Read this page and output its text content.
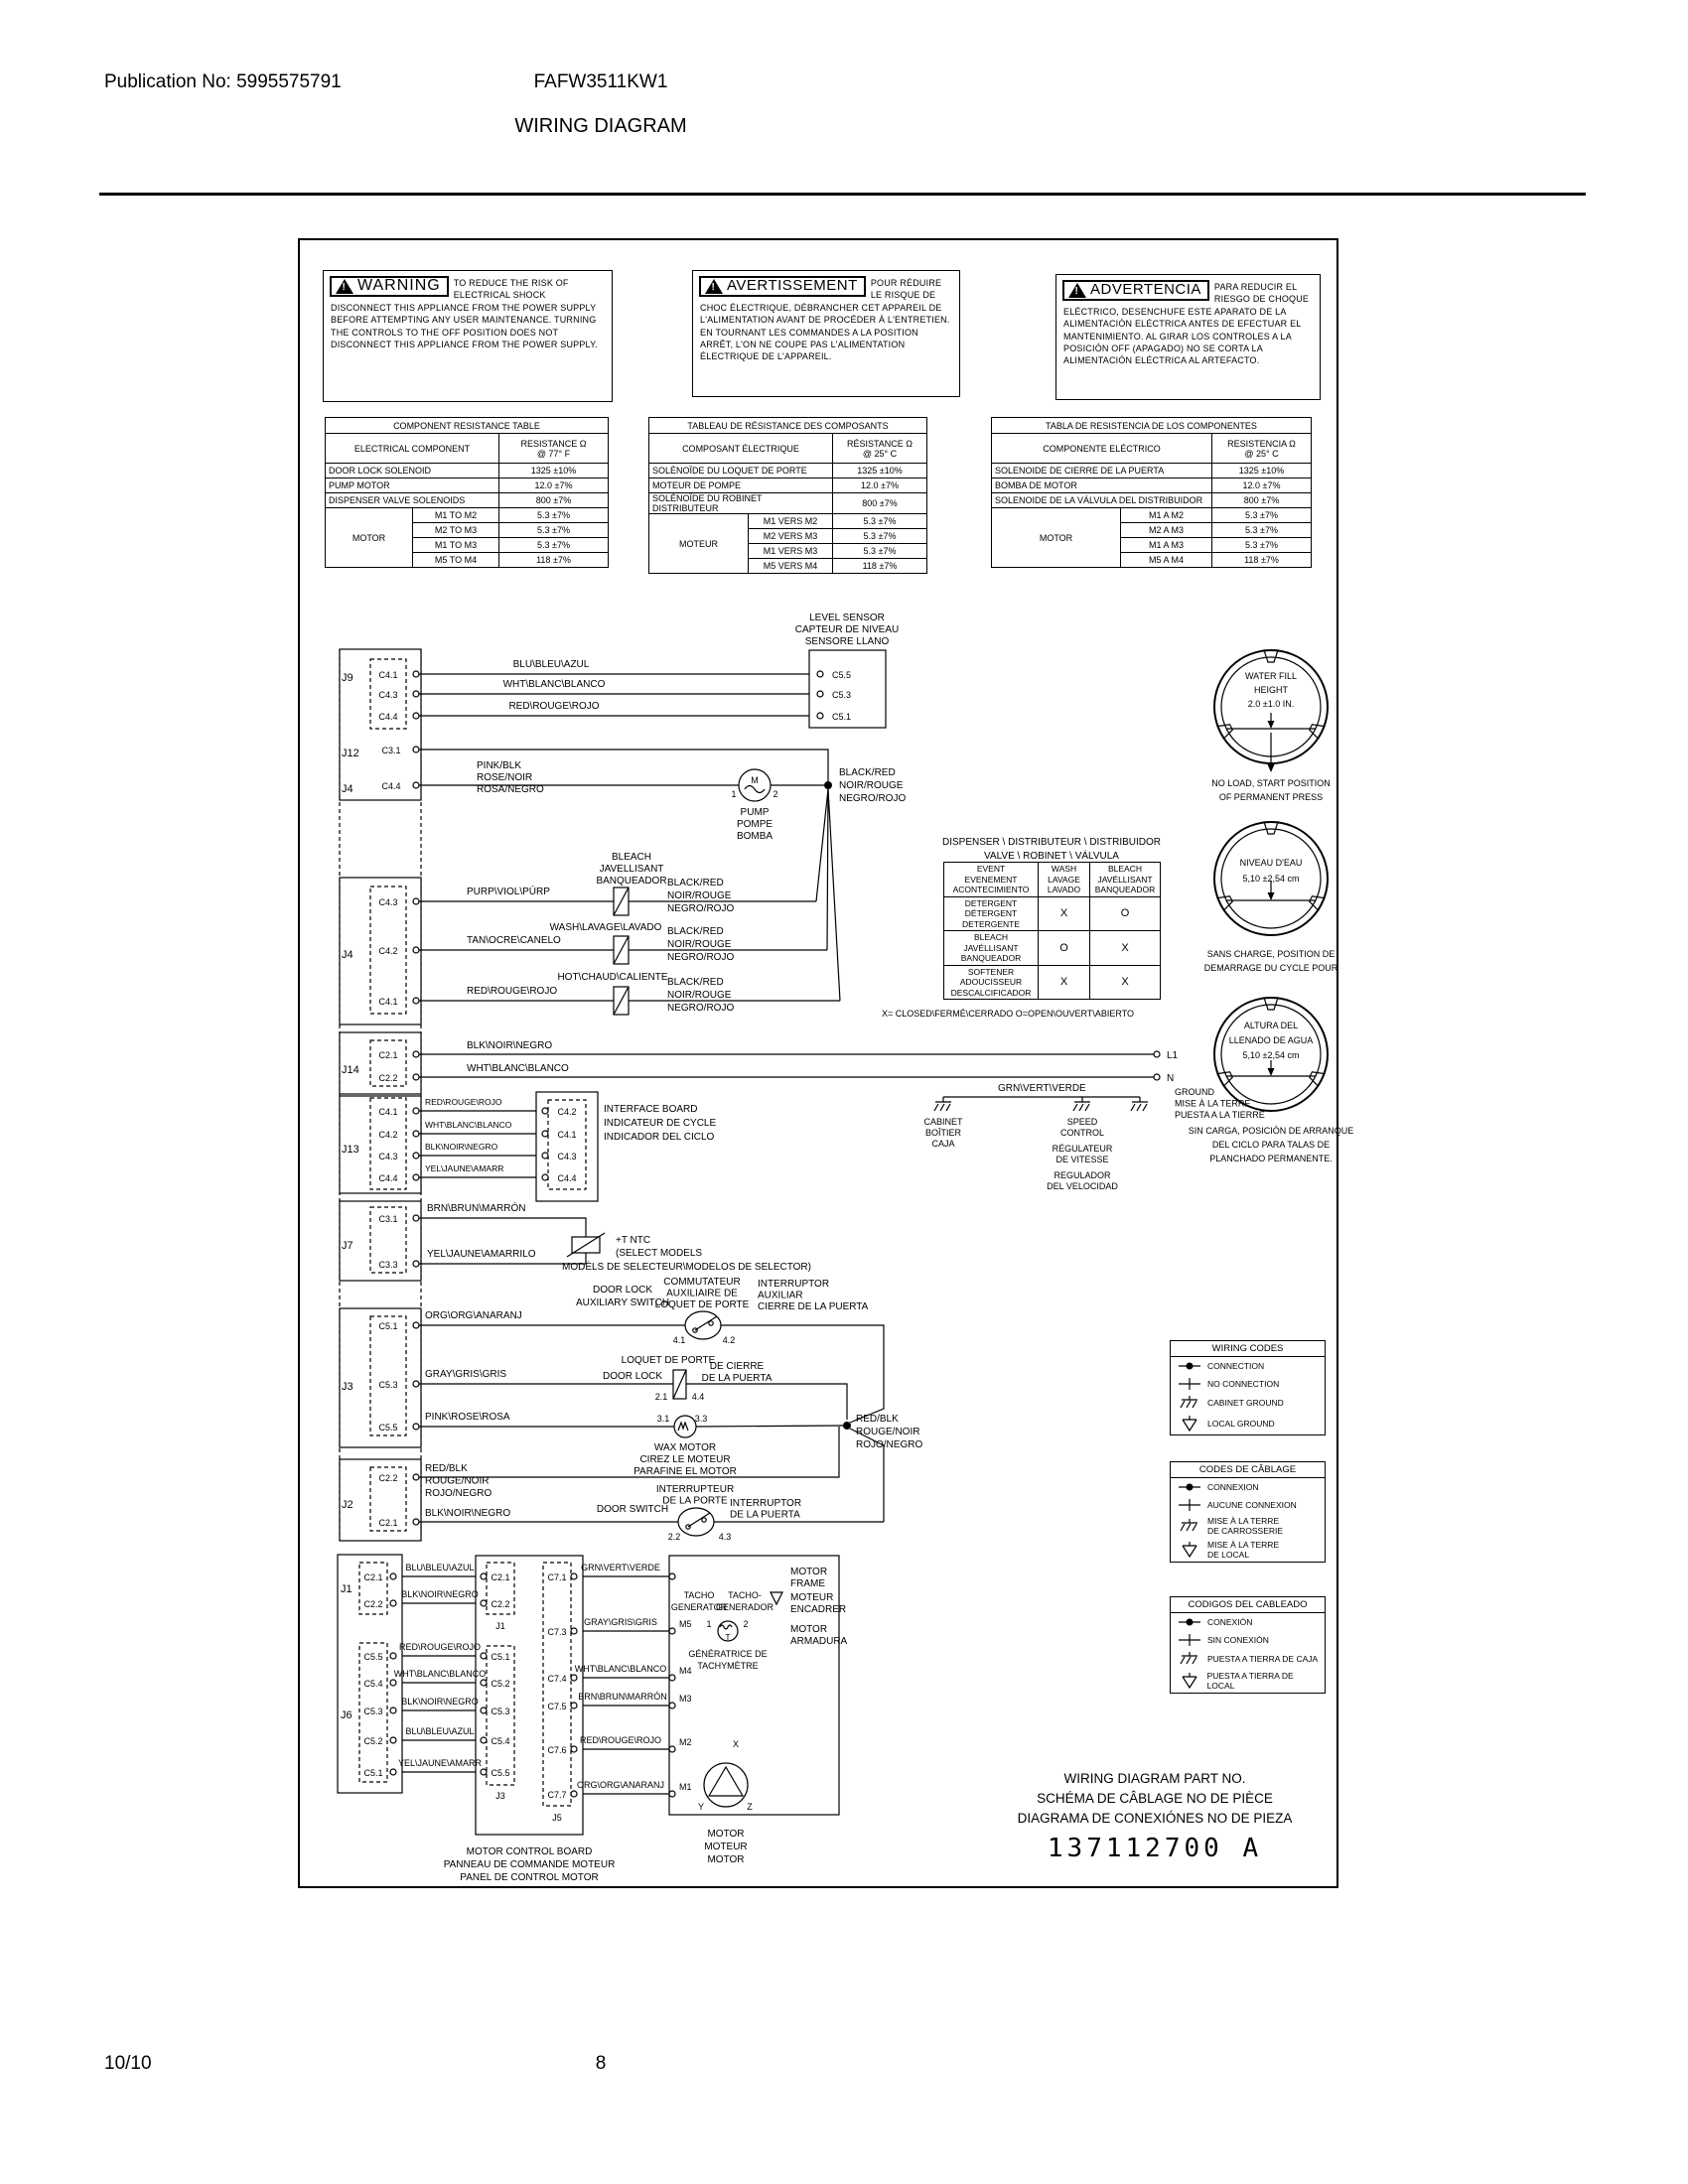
Publication No: 5995575791	FAFW3511KW1
WIRING DIAGRAM
10/10	8
!
WARNING TO REDUCE THE RISK OF ELECTRICAL SHOCK DISCONNECT THIS APPLIANCE FROM THE POWER SUPPLY BEFORE ATTEMPTING ANY USER MAINTENANCE. TURNING THE CONTROLS TO THE OFF POSITION DOES NOT DISCONNECT THIS APPLIANCE FROM THE POWER SUPPLY.
!
AVERTISSEMENT POUR RÉDUIRE LE RISQUE DE CHOC ÉLECTRIQUE, DÉBRANCHER CET APPAREIL DE L'ALIMENTATION AVANT DE PROCÉDER À L'ENTRETIEN. EN TOURNANT LES COMMANDES A LA POSITION ARRÊT, L'ON NE COUPE PAS L'ALIMENTATION ÉLECTRIQUE DE L'APPAREIL.
!
ADVERTENCIA PARA REDUCIR EL RIESGO DE CHOQUE ELÉCTRICO, DESENCHUFE ESTE APARATO DE LA ALIMENTACIÓN ELÉCTRICA ANTES DE EFECTUAR EL MANTENIMIENTO. AL GIRAR LOS CONTROLES A LA POSICIÓN OFF (APAGADO) NO SE CORTA LA ALIMENTACIÓN ELÉCTRICA AL ARTEFACTO.
COMPONENT RESISTANCE TABLE		
ELECTRICAL COMPONENT		RESISTANCE Ω
@ 77° F
DOOR LOCK SOLENOID		1325 ±10%
PUMP MOTOR		12.0 ±7%
DISPENSER VALVE SOLENOIDS		800 ±7%
MOTOR	M1 TO M2	5.3 ±7%
	M2 TO M3	5.3 ±7%
	M1 TO M3	5.3 ±7%
	M5 TO M4	118 ±7%
TABLEAU DE RÉSISTANCE DES COMPOSANTS		
COMPOSANT ÉLECTRIQUE		RÉSISTANCE Ω
@ 25° C
SOLÉNOÏDE DU LOQUET DE PORTE		1325 ±10%
MOTEUR DE POMPE		12.0 ±7%
SOLÉNOÏDE DU ROBINET DISTRIBUTEUR		800 ±7%
MOTEUR	M1 VERS M2	5.3 ±7%
	M2 VERS M3	5.3 ±7%
	M1 VERS M3	5.3 ±7%
	M5 VERS M4	118 ±7%
TABLA DE RESISTENCIA DE LOS COMPONENTES		
COMPONENTE ELÉCTRICO		RESISTENCIA Ω
@ 25° C
SOLENOIDE DE CIERRE DE LA PUERTA		1325 ±10%
BOMBA DE MOTOR		12.0 ±7%
SOLENOIDE DE LA VÁLVULA DEL DISTRIBUIDOR		800 ±7%
MOTOR	M1 A M2	5.3 ±7%
	M2 A M3	5.3 ±7%
	M1 A M3	5.3 ±7%
	M5 A M4	118 ±7%
EVENT
EVENEMENT
ACONTECIMIENTO	WASH
LAVAGE
LAVADO	BLEACH
JAVÉLLISANT
BANQUEADOR
DETERGENT
DÉTERGENT
DETERGENTE	X	O
BLEACH
JAVÉLLISANT
BANQUEADOR	O	X
SOFTENER
ADOUCISSEUR
DESCALCIFICADOR	X	X
WIRING CODES
CONNECTION
NO CONNECTION
CABINET GROUND
LOCAL GROUND
CODES DE CÂBLAGE
CONNEXION
AUCUNE CONNEXION
MISE À LA TERRE
DE CARROSSERIE
MISE À LA TERRE
DE LOCAL
CODIGOS DEL CABLEADO
CONEXIÓN
SIN CONEXIÓN
PUESTA A TIERRA DE CAJA
PUESTA A TIERRA DE LOCAL
WIRING DIAGRAM PART NO.
SCHÉMA DE CÂBLAGE NO DE PIÈCE
DIAGRAMA DE CONEXIÓNES NO DE PIEZA
137112700 A
J9
J12
J4
J4
J14
J13
J7
J3
J2
J1
J6
C4.1
C4.3
C4.4
C3.1
C4.4
C4.3
C4.2
C4.1
C2.1
C2.2
C4.1
C4.2
C4.3
C4.4
C3.1
C3.3
C5.1
C5.3
C5.5
C2.2
C2.1
C2.1
C2.2
C5.5
C5.4
C5.3
C5.2
C5.1
C2.1
C2.2
J1
C5.1
C5.2
C5.3
C5.4
C5.5
J3
C7.1
C7.3
C7.4
C7.5
C7.6
C7.7
J5
MOTOR CONTROL BOARD PANNEAU DE COMMANDE MOTEUR PANEL DE CONTROL MOTOR
LEVEL SENSOR CAPTEUR DE NIVEAU SENSORE LLANO
C5.5
C5.3
C5.1
BLU\BLEU\AZUL
WHT\BLANC\BLANCO
RED\ROUGE\ROJO
PINK/BLK ROSE/NOIR ROSA/NEGRO
PUMP POMPE BOMBA
M
1	2
BLACK/RED NOIR/ROUGE NEGRO/ROJO
PURP\VIOL\PÚRP
TAN\OCRE\CANELO
RED\ROUGE\ROJO
BLEACH JAVELLISANT BANQUEADOR
WASH\LAVAGE\LAVADO
HOT\CHAUD\CALIENTE
BLACK/RED NOIR/ROUGE NEGRO/ROJO
BLACK/RED NOIR/ROUGE NEGRO/ROJO
BLACK/RED NOIR/ROUGE NEGRO/ROJO
DISPENSER \ DISTRIBUTEUR \ DISTRIBUIDOR
VALVE \ ROBINET \ VÁLVULA
X= CLOSED\FERMÉ\CERRADO O=OPEN\OUVERT\ABIERTO
BLK\NOIR\NEGRO
WHT\BLANC\BLANCO
L1
N
GRN\VERT\VERDE
CABINET BOÎTIER CAJA
SPEED CONTROL
RÉGULATEUR DE VITESSE
REGULADOR DEL VELOCIDAD
GROUND MISE À LA TERRE PUESTA A LA TIERRE
RED\ROUGE\ROJO
WHT\BLANC\BLANCO
BLK\NOIR\NEGRO
YEL\JAUNE\AMARR
C4.2
C4.1
C4.3
C4.4
INTERFACE BOARD INDICATEUR DE CYCLE INDICADOR DEL CICLO
BRN\BRUN\MARRÓN
YEL\JAUNE\AMARRILO
+T NTC
(SELECT MODELS
MODÈLS DE SELECTEUR\MODELOS DE SELECTOR)
ORG\ORG\ANARANJ
DOOR LOCK AUXILIARY SWITCH
COMMUTATEUR AUXILIAIRE DE LOQUET DE PORTE
INTERRUPTOR AUXILIAR CIERRE DE LA PUERTA
4.1	4.2
GRAY\GRIS\GRIS
LOQUET DE PORTE
DOOR LOCK
DE CIERRE DE LA PUERTA
2.1	4.4
PINK\ROSE\ROSA	3.1	3.3
WAX MOTOR CIREZ LE MOTEUR PARAFINE EL MOTOR
RED/BLK ROUGE/NOIR ROJO/NEGRO
RED/BLK ROUGE/NOIR ROJO/NEGRO
BLK\NOIR\NEGRO	DOOR SWITCH
INTERRUPTEUR DE LA PORTE INTERRUPTOR DE LA PUERTA
2.2	4.3
BLU\BLEU\AZUL
BLK\NOIR\NEGRO
RED\ROUGE\ROJO
WHT\BLANC\BLANCO
BLK\NOIR\NEGRO
BLU\BLEU\AZUL
YEL\JAUNE\AMARR
GRN\VERT\VERDE
GRAY\GRIS\GRIS
WHT\BLANC\BLANCO
BRN\BRUN\MARRÓN
RED\ROUGE\ROJO
ORG\ORG\ANARANJ
M5
M4
M3
M2
M1
TACHO GENERATOR
TACHO-GENERADOR
GÉNÉRATRICE DE TACHYMÈTRE
1	2
T
MOTOR FRAME
MOTEUR ENCADRER
MOTOR ARMADURA
MOTOR MOTEUR MOTOR
X
Y	Z
WATER FILL HEIGHT 2.0 ±1.0 IN.
NO LOAD, START POSITION OF PERMANENT PRESS
NIVEAU D'EAU 5,10 ±2,54 cm
SANS CHARGE, POSITION DE DEMARRAGE DU CYCLE POUR
ALTURA DEL LLENADO DE AGUA 5,10 ±2,54 cm
SIN CARGA, POSICIÓN DE ARRANQUE DEL CICLO PARA TALAS DE PLANCHADO PERMANENTE.
